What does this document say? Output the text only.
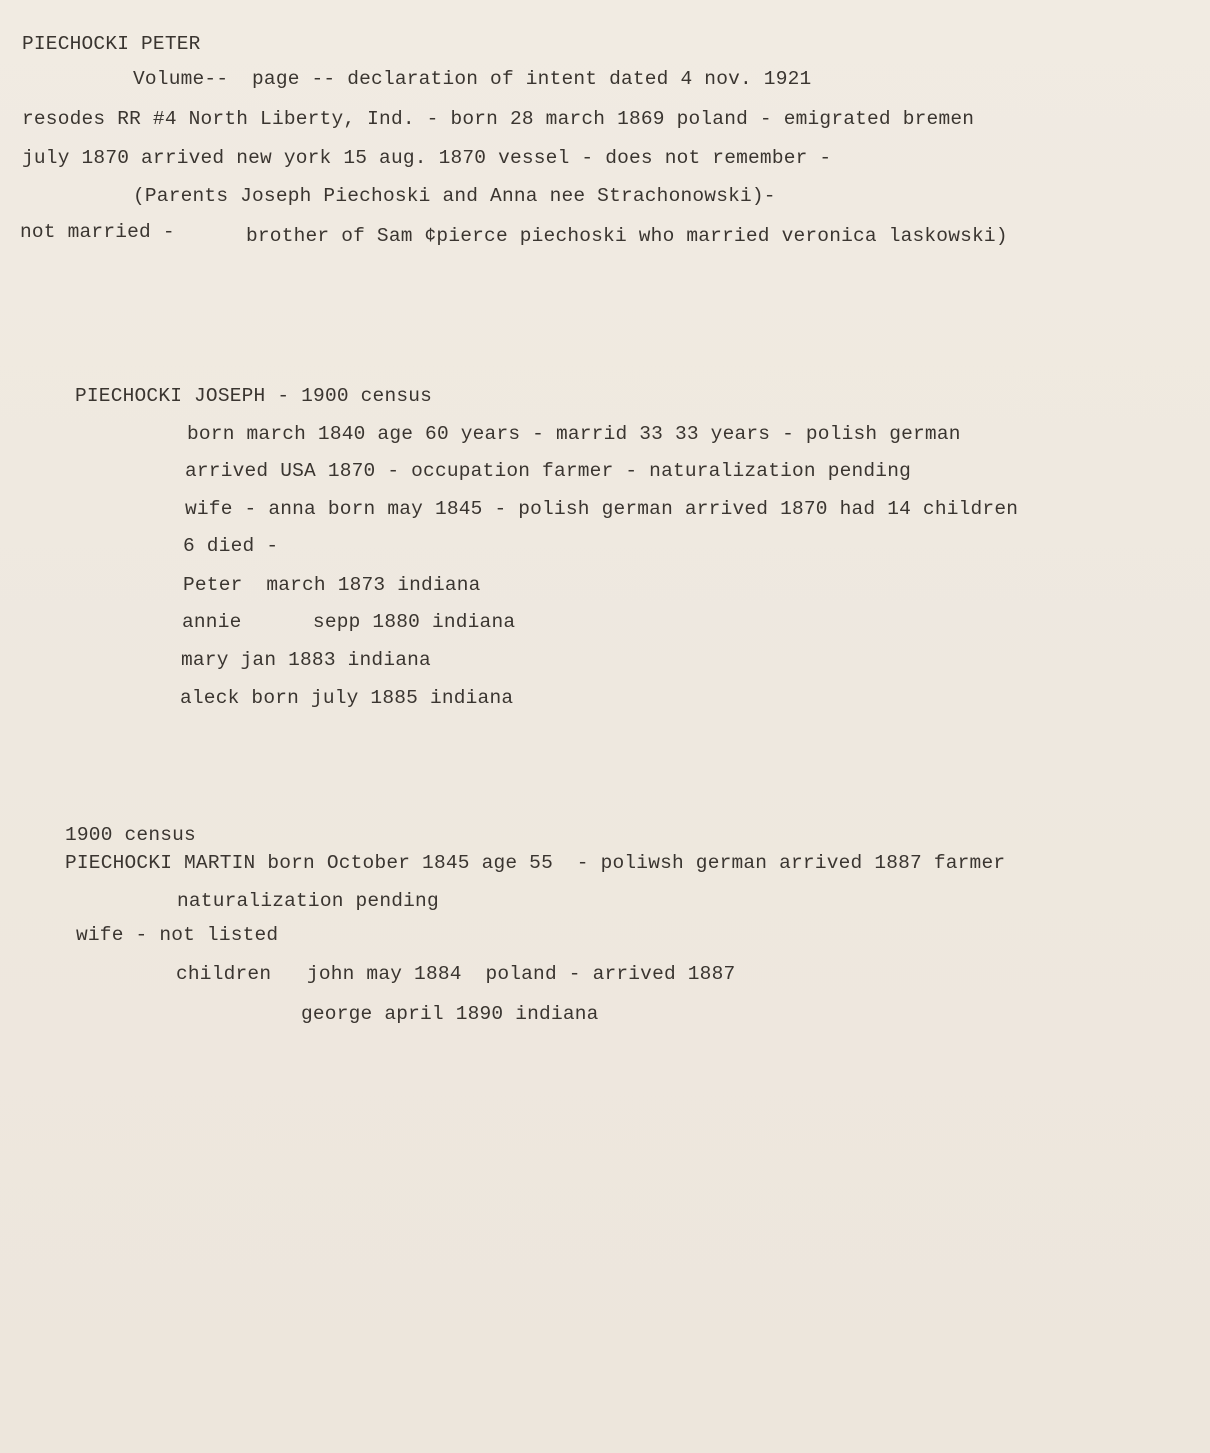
PIECHOCKI PETER
Volume--  page -- declaration of intent dated 4 nov. 1921
resodes RR #4 North Liberty, Ind. - born 28 march 1869 poland - emigrated bremen
july 1870 arrived new york 15 aug. 1870 vessel - does not remember -
(Parents Joseph Piechoski and Anna nee Strachonowski)-
not married -	brother of Sam ¢pierce piechoski who married veronica laskowski)
PIECHOCKI JOSEPH - 1900 census
born march 1840 age 60 years - marrid 33 33 years - polish german
arrived USA 1870 - occupation farmer - naturalization pending
wife - anna born may 1845 - polish german arrived 1870 had 14 children
6 died -
Peter  march 1873 indiana
annie      sepp 1880 indiana
mary jan 1883 indiana
aleck born july 1885 indiana
1900 census
PIECHOCKI MARTIN born October 1845 age 55  - poliwsh german arrived 1887 farmer
naturalization pending
wife - not listed
children   john may 1884  poland - arrived 1887
george april 1890 indiana
